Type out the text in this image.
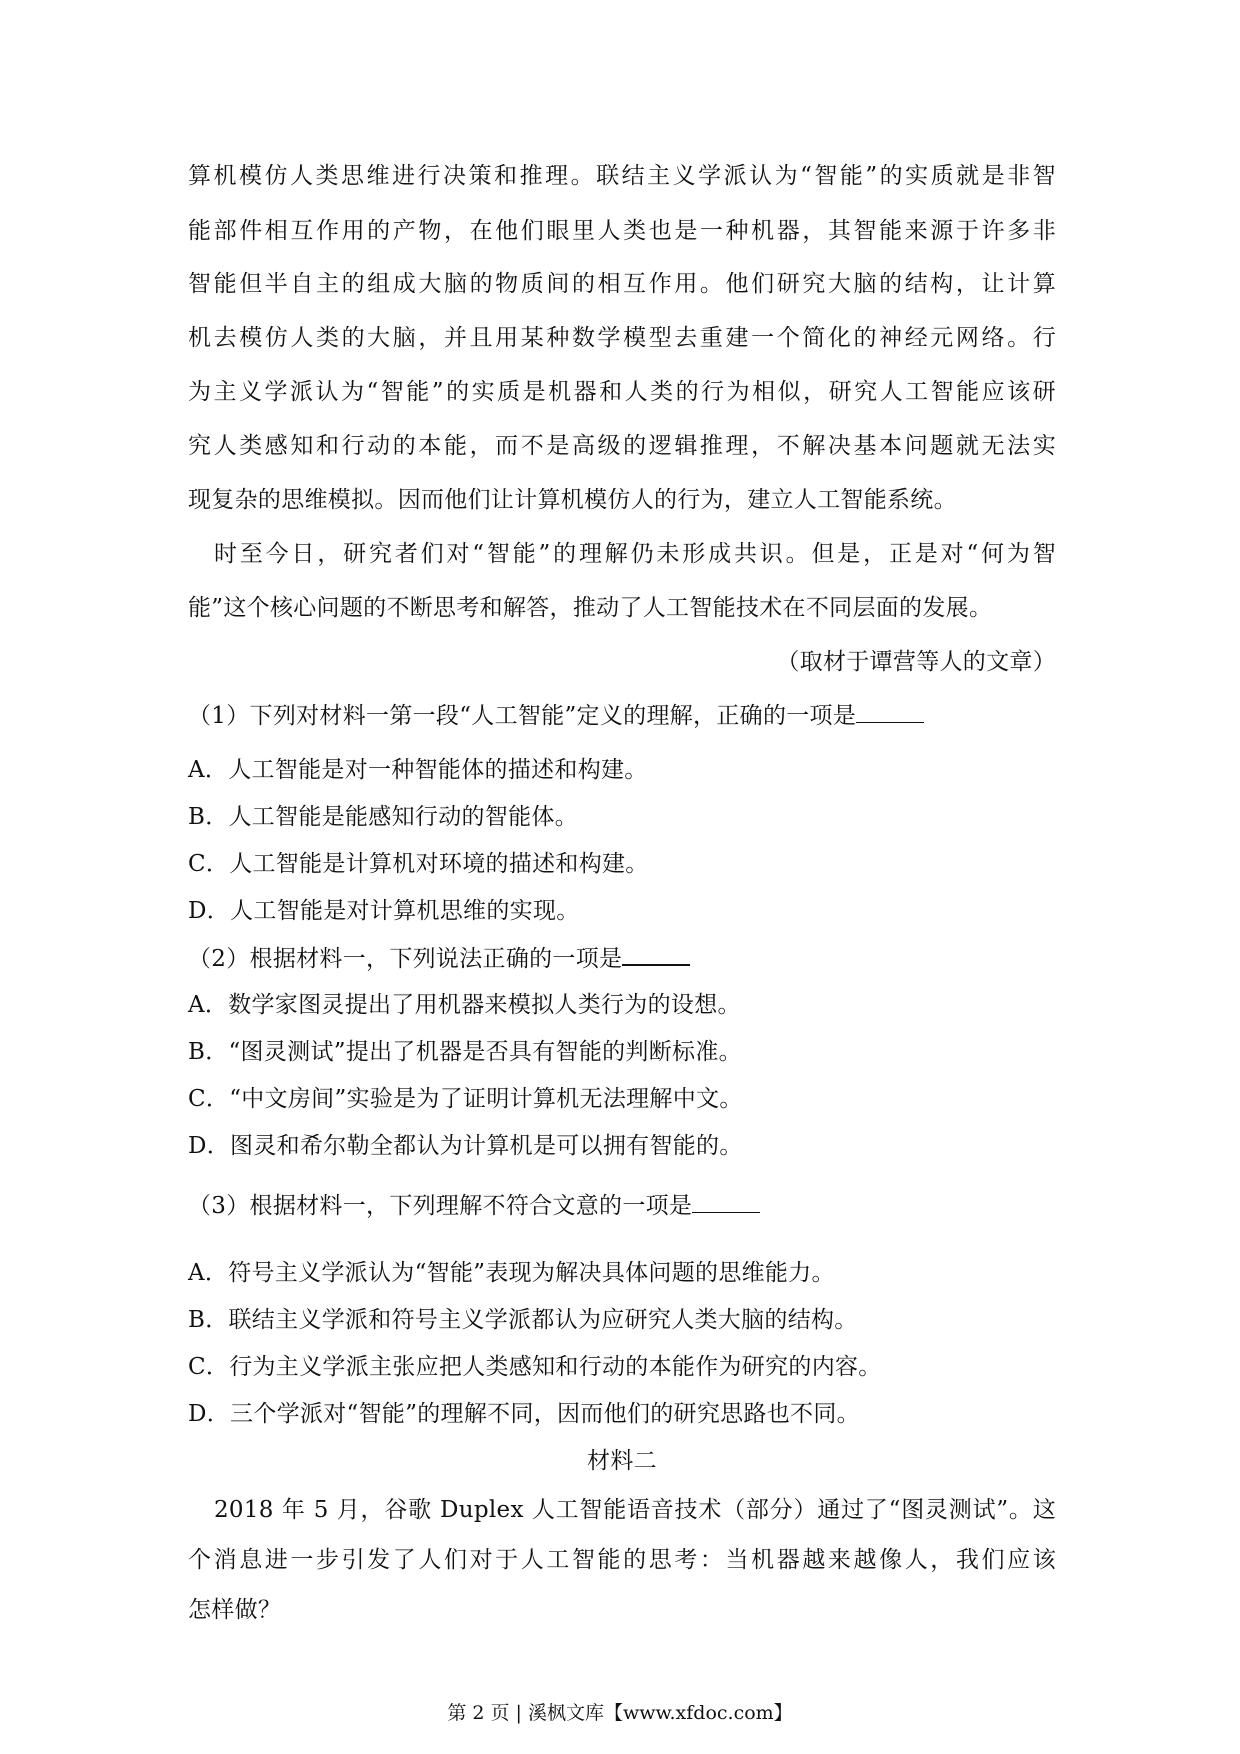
算机模仿人类思维进行决策和推理。联结主义学派认为“智能”的实质就是非智
能部件相互作用的产物，在他们眼里人类也是一种机器，其智能来源于许多非
智能但半自主的组成大脑的物质间的相互作用。他们研究大脑的结构，让计算
机去模仿人类的大脑，并且用某种数学模型去重建一个简化的神经元网络。行
为主义学派认为“智能”的实质是机器和人类的行为相似，研究人工智能应该研
究人类感知和行动的本能，而不是高级的逻辑推理，不解决基本问题就无法实
现复杂的思维模拟。因而他们让计算机模仿人的行为，建立人工智能系统。
时至今日，研究者们对“智能”的理解仍未形成共识。但是，正是对“何为智
能”这个核心问题的不断思考和解答，推动了人工智能技术在不同层面的发展。
（取材于谭营等人的文章）
（1）下列对材料一第一段“人工智能”定义的理解，正确的一项是
A．人工智能是对一种智能体的描述和构建。
B．人工智能是能感知行动的智能体。
C．人工智能是计算机对环境的描述和构建。
D．人工智能是对计算机思维的实现。
（2）根据材料一，下列说法正确的一项是
A．数学家图灵提出了用机器来模拟人类行为的设想。
B．“图灵测试”提出了机器是否具有智能的判断标准。
C．“中文房间”实验是为了证明计算机无法理解中文。
D．图灵和希尔勒全都认为计算机是可以拥有智能的。
（3）根据材料一，下列理解不符合文意的一项是
A．符号主义学派认为“智能”表现为解决具体问题的思维能力。
B．联结主义学派和符号主义学派都认为应研究人类大脑的结构。
C．行为主义学派主张应把人类感知和行动的本能作为研究的内容。
D．三个学派对“智能”的理解不同，因而他们的研究思路也不同。
材料二
2018 年 5 月，谷歌 Duplex 人工智能语音技术（部分）通过了“图灵测试”。这
个消息进一步引发了人们对于人工智能的思考：当机器越来越像人，我们应该
怎样做？
第 2 页 | 溪枫文库【www.xfdoc.com】
